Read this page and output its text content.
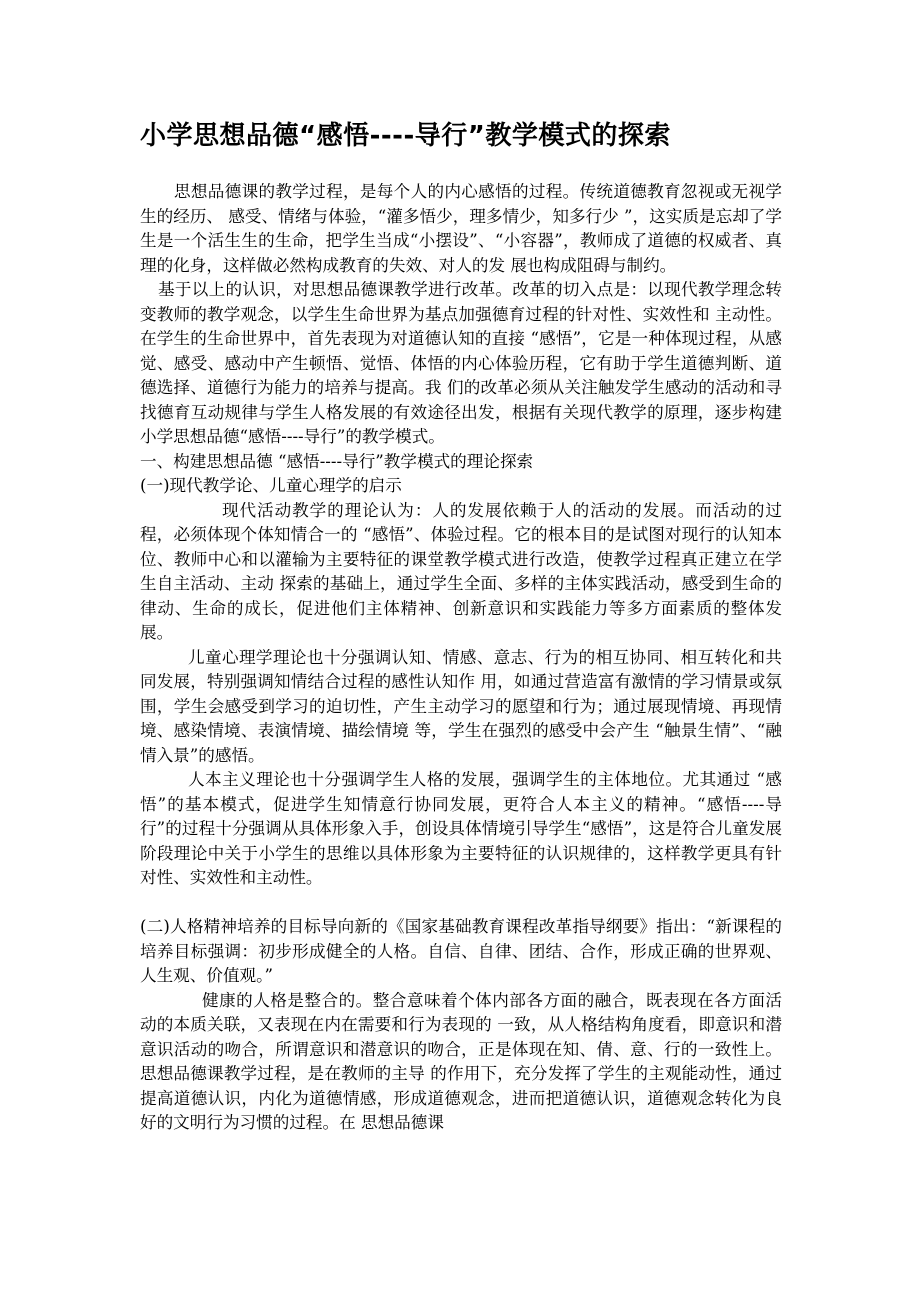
小学思想品德“感悟----导行”教学模式的探索

思想品德课的教学过程，是每个人的内心感悟的过程。传统道德教育忽视或无视学生的经历、 感受、情绪与体验，“灌多悟少，理多情少，知多行少 ”，这实质是忘却了学生是一个活生生的生命，把学生当成“小摆设”、“小容器”，教师成了道德的权威者、真理的化身，这样做必然构成教育的失效、对人的发 展也构成阻碍与制约。

基于以上的认识，对思想品德课教学进行改革。改革的切入点是：以现代教学理念转变教师的教学观念，以学生生命世界为基点加强德育过程的针对性、实效性和 主动性。在学生的生命世界中，首先表现为对道德认知的直接 “感悟”，它是一种体现过程，从感觉、感受、感动中产生顿悟、觉悟、体悟的内心体验历程，它有助于学生道德判断、道德选择、道德行为能力的培养与提高。我 们的改革必须从关注触发学生感动的活动和寻找德育互动规律与学生人格发展的有效途径出发，根据有关现代教学的原理，逐步构建小学思想品德“感悟----导行”的教学模式。

一、构建思想品德 “感悟----导行”教学模式的理论探索

(一)现代教学论、儿童心理学的启示

现代活动教学的理论认为：人的发展依赖于人的活动的发展。而活动的过程，必须体现个体知情合一的 “感悟”、体验过程。它的根本目的是试图对现行的认知本位、教师中心和以灌输为主要特征的课堂教学模式进行改造，使教学过程真正建立在学生自主活动、主动 探索的基础上，通过学生全面、多样的主体实践活动，感受到生命的律动、生命的成长，促进他们主体精神、创新意识和实践能力等多方面素质的整体发展。

儿童心理学理论也十分强调认知、情感、意志、行为的相互协同、相互转化和共同发展，特别强调知情结合过程的感性认知作 用，如通过营造富有激情的学习情景或氛围，学生会感受到学习的迫切性，产生主动学习的愿望和行为；通过展现情境、再现情境、感染情境、表演情境、描绘情境 等，学生在强烈的感受中会产生 “触景生情”、“融情入景”的感悟。

人本主义理论也十分强调学生人格的发展，强调学生的主体地位。尤其通过 “感悟”的基本模式，促进学生知情意行协同发展，更符合人本主义的精神。“感悟----导行”的过程十分强调从具体形象入手，创设具体情境引导学生“感悟”，这是符合儿童发展阶段理论中关于小学生的思维以具体形象为主要特征的认识规律的，这样教学更具有针对性、实效性和主动性。

(二)人格精神培养的目标导向新的《国家基础教育课程改革指导纲要》指出：“新课程的培养目标强调：初步形成健全的人格。自信、自律、团结、合作，形成正确的世界观、人生观、价值观。”

健康的人格是整合的。整合意味着个体内部各方面的融合，既表现在各方面活动的本质关联，又表现在内在需要和行为表现的 一致，从人格结构角度看，即意识和潜意识活动的吻合，所谓意识和潜意识的吻合，正是体现在知、倩、意、行的一致性上。思想品德课教学过程，是在教师的主导 的作用下，充分发挥了学生的主观能动性，通过提高道德认识，内化为道德情感，形成道德观念，进而把道德认识，道德观念转化为良好的文明行为习惯的过程。在 思想品德课
